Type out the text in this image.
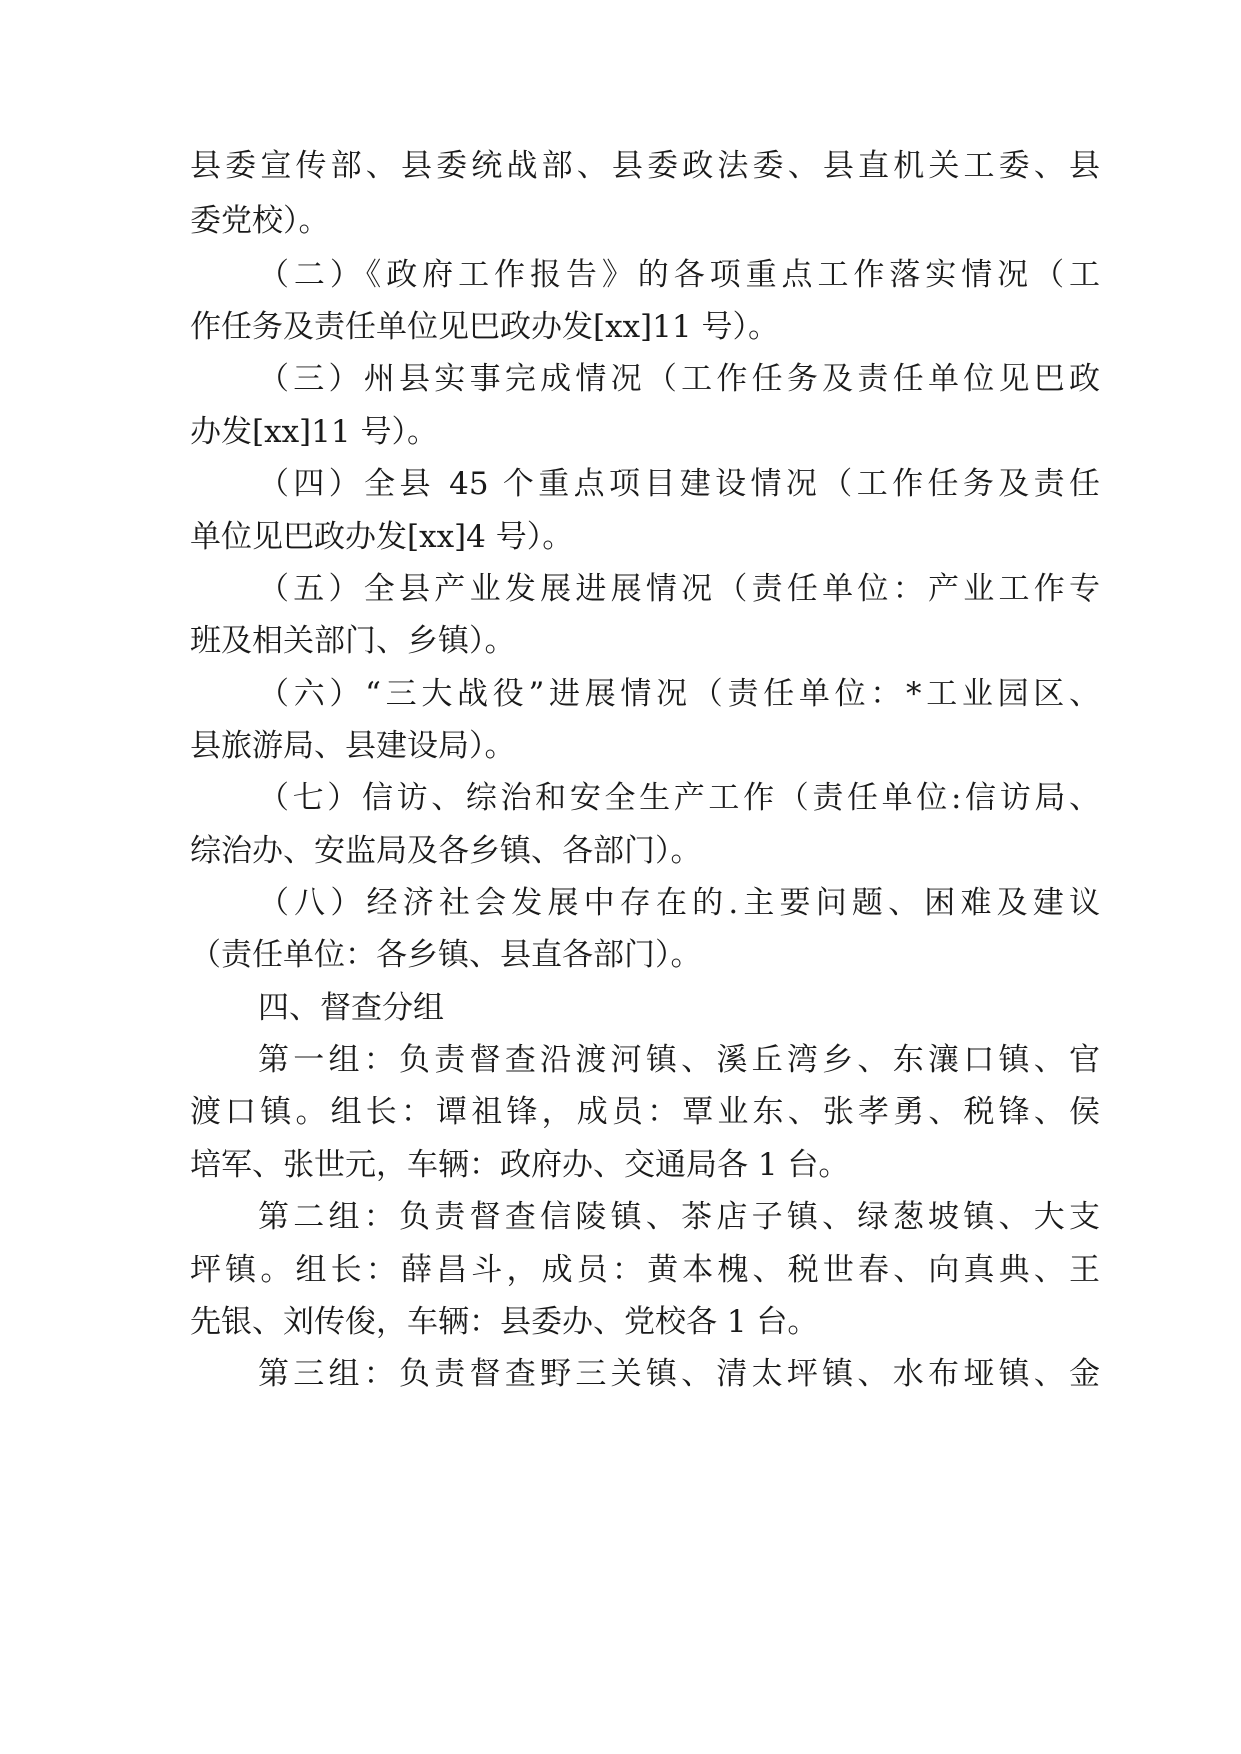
县委宣传部、县委统战部、县委政法委、县直机关工委、县
委党校）。
（二）《政府工作报告》的各项重点工作落实情况（工
作任务及责任单位见巴政办发[xx]11 号）。
（三）州县实事完成情况（工作任务及责任单位见巴政
办发[xx]11 号）。
（四）全县 45 个重点项目建设情况（工作任务及责任
单位见巴政办发[xx]4 号）。
（五）全县产业发展进展情况（责任单位：产业工作专
班及相关部门、乡镇）。
（六）“三大战役”进展情况（责任单位：*工业园区、
县旅游局、县建设局）。
（七）信访、综治和安全生产工作（责任单位:信访局、
综治办、安监局及各乡镇、各部门）。
（八）经济社会发展中存在的.主要问题、困难及建议
（责任单位：各乡镇、县直各部门）。
四、督查分组
第一组：负责督查沿渡河镇、溪丘湾乡、东瀼口镇、官
渡口镇。组长：谭祖锋，成员：覃业东、张孝勇、税锋、侯
培军、张世元，车辆：政府办、交通局各 1 台。
第二组：负责督查信陵镇、茶店子镇、绿葱坡镇、大支
坪镇。组长：薛昌斗，成员：黄本槐、税世春、向真典、王
先银、刘传俊，车辆：县委办、党校各 1 台。
第三组：负责督查野三关镇、清太坪镇、水布垭镇、金
